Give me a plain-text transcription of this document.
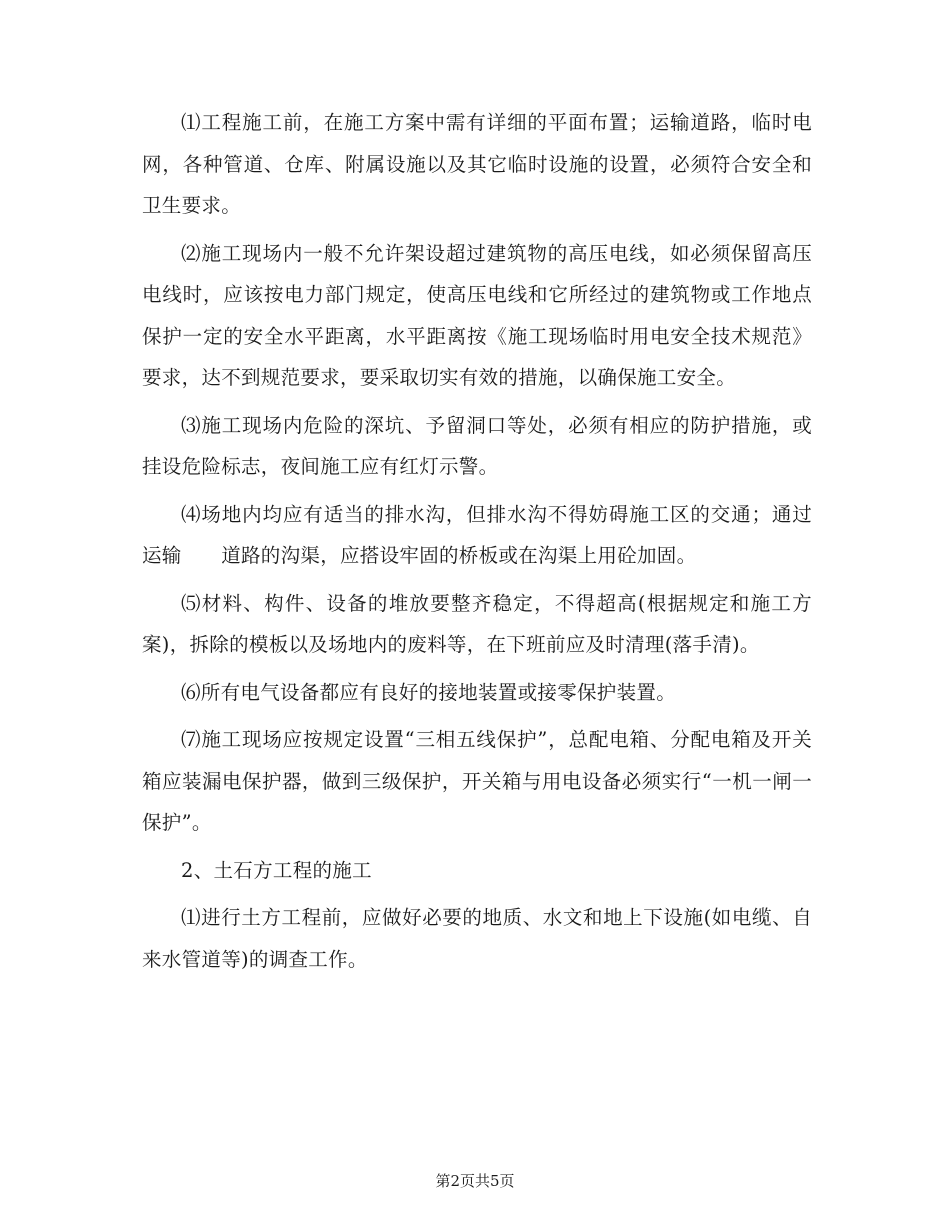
⑴工程施工前，在施工方案中需有详细的平面布置；运输道路，临时电网，各种管道、仓库、附属设施以及其它临时设施的设置，必须符合安全和卫生要求。

⑵施工现场内一般不允许架设超过建筑物的高压电线，如必须保留高压电线时，应该按电力部门规定，使高压电线和它所经过的建筑物或工作地点保护一定的安全水平距离，水平距离按《施工现场临时用电安全技术规范》要求，达不到规范要求，要采取切实有效的措施，以确保施工安全。

⑶施工现场内危险的深坑、予留洞口等处，必须有相应的防护措施，或挂设危险标志，夜间施工应有红灯示警。

⑷场地内均应有适当的排水沟，但排水沟不得妨碍施工区的交通；通过运输　　道路的沟渠，应搭设牢固的桥板或在沟渠上用砼加固。

⑸材料、构件、设备的堆放要整齐稳定，不得超高(根据规定和施工方案)，拆除的模板以及场地内的废料等，在下班前应及时清理(落手清)。

⑹所有电气设备都应有良好的接地装置或接零保护装置。

⑺施工现场应按规定设置“三相五线保护”，总配电箱、分配电箱及开关箱应装漏电保护器，做到三级保护，开关箱与用电设备必须实行“一机一闸一保护”。

2、土石方工程的施工

⑴进行土方工程前，应做好必要的地质、水文和地上下设施(如电缆、自来水管道等)的调查工作。

第2页共5页
